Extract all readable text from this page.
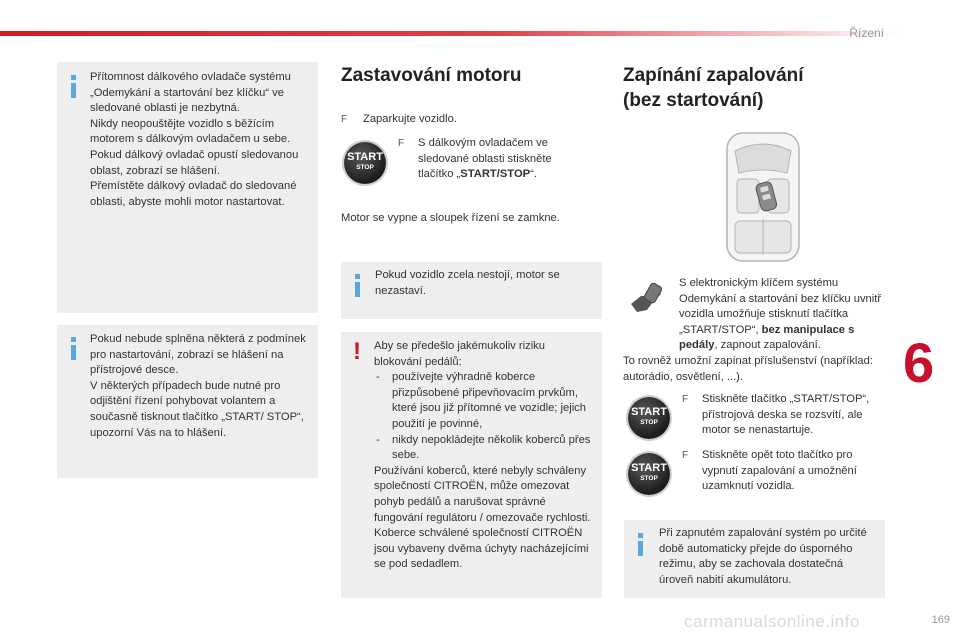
Řízení
6

Přítomnost dálkového ovladače systému „Odemykání a startování bez klíčku“ ve sledované oblasti je nezbytná.

Nikdy neopouštějte vozidlo s běžícím motorem s dálkovým ovladačem u sebe.

Pokud dálkový ovladač opustí sledovanou oblast, zobrazí se hlášení.

Přemístěte dálkový ovladač do sledované oblasti, abyste mohli motor nastartovat.

Pokud nebude splněna některá z podmínek pro nastartování, zobrazí se hlášení na přístrojové desce.

V některých případech bude nutné pro odjištění řízení pohybovat volantem a současně tisknout tlačítko „START/ STOP“, upozorní Vás na to hlášení.

Zastavování motoru
F	Zaparkujte vozidlo.
START
STOP
F	S dálkovým ovladačem ve sledované oblasti stiskněte tlačítko „START/STOP“.

Motor se vypne a sloupek řízení se zamkne.

Pokud vozidlo zcela nestojí, motor se nezastaví.
! Aby se předešlo jakémukoliv riziku blokování pedálů:

- používejte výhradně koberce přizpůsobené připevňovacím prvkům, které jsou již přítomné ve vozidle; jejich použití je povinné,
- nikdy nepokládejte několik koberců přes sebe.

Používání koberců, které nebyly schváleny společností CITROËN, může omezovat pohyb pedálů a narušovat správné fungování regulátoru / omezovače rychlosti. Koberce schválené společností CITROËN jsou vybaveny dvěma úchyty nacházejícími se pod sedadlem.

Zapínání zapalování
(bez startování)
S elektronickým klíčem systému Odemykání a startování bez klíčku uvnitř vozidla umožňuje stisknutí tlačítka „START/STOP“, bez manipulace s pedály, zapnout zapalování.
To rovněž umožní zapínat příslušenství (například: autorádio, osvětlení, ...).
START
STOP
F	Stiskněte tlačítko „START/STOP“, přístrojová deska se rozsvítí, ale motor se nenastartuje.
START
STOP
F	Stiskněte opět toto tlačítko pro vypnutí zapalování a umožnění uzamknutí vozidla.
Při zapnutém zapalování systém po určité době automaticky přejde do úsporného režimu, aby se zachovala dostatečná úroveň nabití akumulátoru.
carmanualsonline.info	169
